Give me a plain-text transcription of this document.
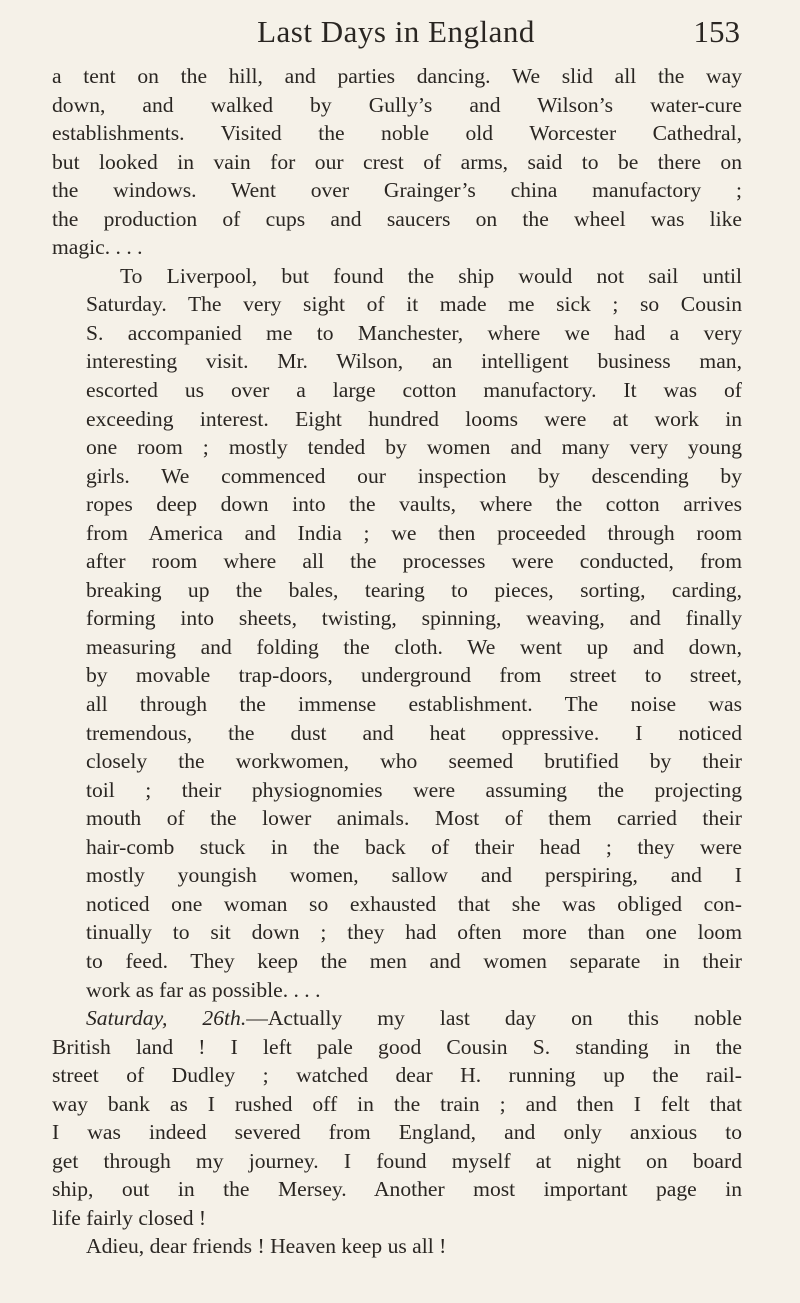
Last Days in England	153

a tent on the hill, and parties dancing. We slid all the way
down, and walked by Gully’s and Wilson’s water-cure
establishments. Visited the noble old Worcester Cathedral,
but looked in vain for our crest of arms, said to be there on
the windows. Went over Grainger’s china manufactory ;
the production of cups and saucers on the wheel was like
magic. . . .

To Liverpool, but found the ship would not sail until
Saturday. The very sight of it made me sick ; so Cousin
S. accompanied me to Manchester, where we had a very
interesting visit. Mr. Wilson, an intelligent business man,
escorted us over a large cotton manufactory. It was of
exceeding interest. Eight hundred looms were at work in
one room ; mostly tended by women and many very young
girls. We commenced our inspection by descending by
ropes deep down into the vaults, where the cotton arrives
from America and India ; we then proceeded through room
after room where all the processes were conducted, from
breaking up the bales, tearing to pieces, sorting, carding,
forming into sheets, twisting, spinning, weaving, and finally
measuring and folding the cloth. We went up and down,
by movable trap-doors, underground from street to street,
all through the immense establishment. The noise was
tremendous, the dust and heat oppressive. I noticed
closely the workwomen, who seemed brutified by their
toil ; their physiognomies were assuming the projecting
mouth of the lower animals. Most of them carried their
hair-comb stuck in the back of their head ; they were
mostly youngish women, sallow and perspiring, and I
noticed one woman so exhausted that she was obliged con-
tinually to sit down ; they had often more than one loom
to feed. They keep the men and women separate in their
work as far as possible. . . .

Saturday, 26th.—Actually my last day on this noble
British land ! I left pale good Cousin S. standing in the
street of Dudley ; watched dear H. running up the rail-
way bank as I rushed off in the train ; and then I felt that
I was indeed severed from England, and only anxious to
get through my journey. I found myself at night on board
ship, out in the Mersey. Another most important page in
life fairly closed !

Adieu, dear friends ! Heaven keep us all !
